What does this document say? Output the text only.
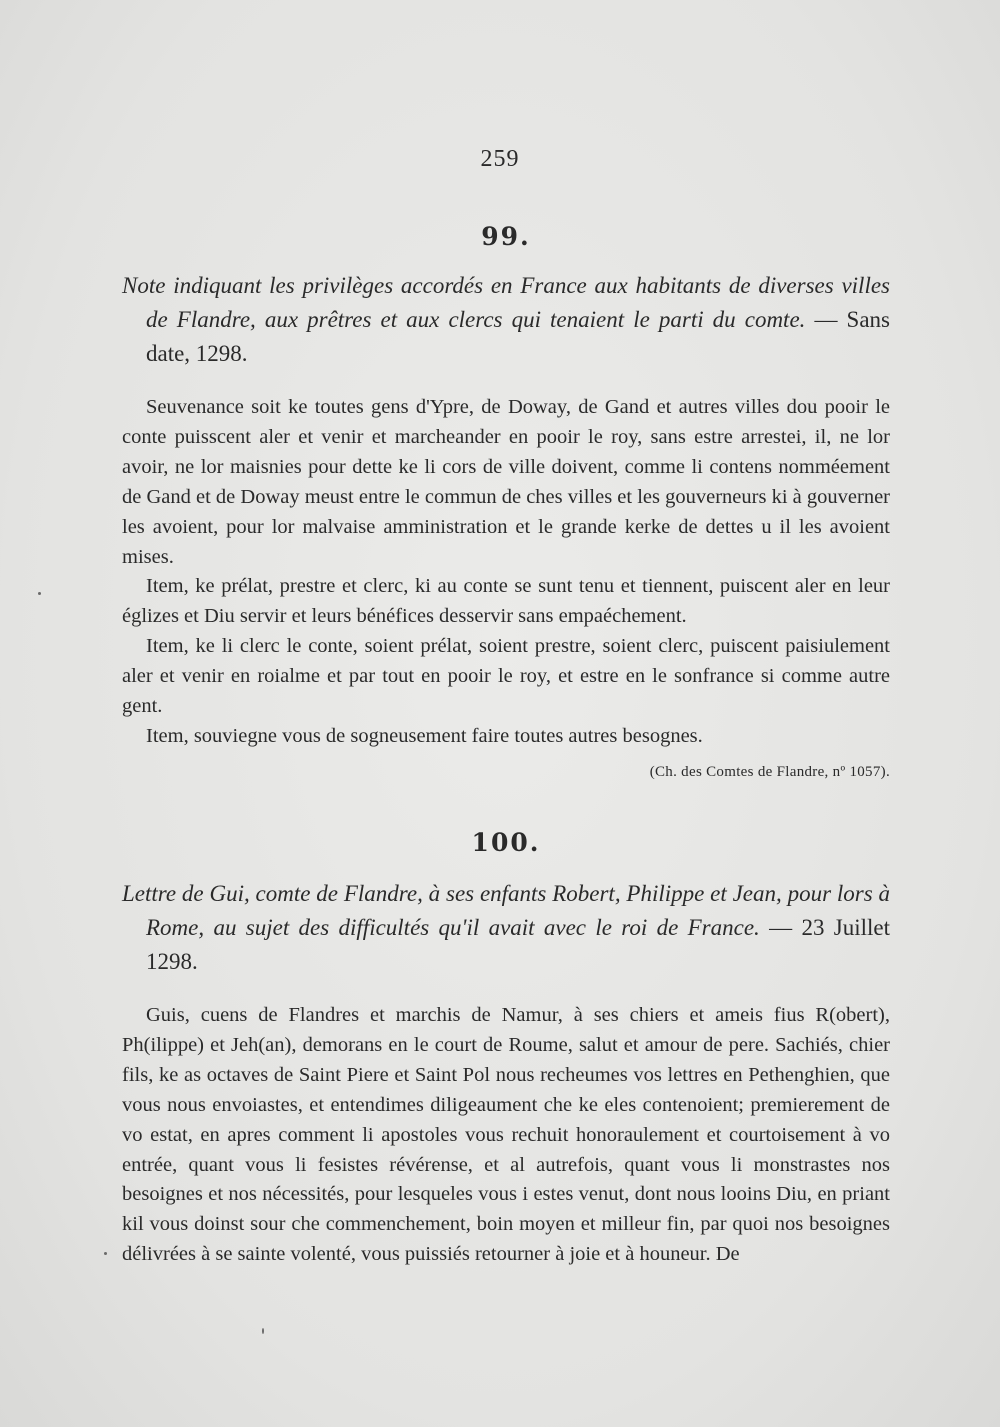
259
99.
Note indiquant les privilèges accordés en France aux habitants de diverses villes de Flandre, aux prêtres et aux clercs qui tenaient le parti du comte. — Sans date, 1298.

Seuvenance soit ke toutes gens d'Ypre, de Doway, de Gand et autres villes dou pooir le conte puisscent aler et venir et marcheander en pooir le roy, sans estre arrestei, il, ne lor avoir, ne lor maisnies pour dette ke li cors de ville doivent, comme li contens nomméement de Gand et de Doway meust entre le commun de ches villes et les gouverneurs ki à gouverner les avoient, pour lor malvaise amministration et le grande kerke de dettes u il les avoient mises.

Item, ke prélat, prestre et clerc, ki au conte se sunt tenu et tiennent, puiscent aler en leur églizes et Diu servir et leurs bénéfices desservir sans empaéchement.

Item, ke li clerc le conte, soient prélat, soient prestre, soient clerc, puiscent paisiulement aler et venir en roialme et par tout en pooir le roy, et estre en le sonfrance si comme autre gent.

Item, souviegne vous de sogneusement faire toutes autres besognes.

(Ch. des Comtes de Flandre, nº 1057).
100.
Lettre de Gui, comte de Flandre, à ses enfants Robert, Philippe et Jean, pour lors à Rome, au sujet des difficultés qu'il avait avec le roi de France. — 23 Juillet 1298.

Guis, cuens de Flandres et marchis de Namur, à ses chiers et ameis fius R(obert), Ph(ilippe) et Jeh(an), demorans en le court de Roume, salut et amour de pere. Sachiés, chier fils, ke as octaves de Saint Piere et Saint Pol nous recheumes vos lettres en Pethenghien, que vous nous envoiastes, et entendimes diligeaument che ke eles contenoient; premierement de vo estat, en apres comment li apostoles vous rechuit honoraulement et courtoisement à vo entrée, quant vous li fesistes révérense, et al autrefois, quant vous li monstrastes nos besoignes et nos nécessités, pour lesqueles vous i estes venut, dont nous looins Diu, en priant kil vous doinst sour che commenchement, boin moyen et milleur fin, par quoi nos besoignes délivrées à se sainte volenté, vous puissiés retourner à joie et à houneur. De
